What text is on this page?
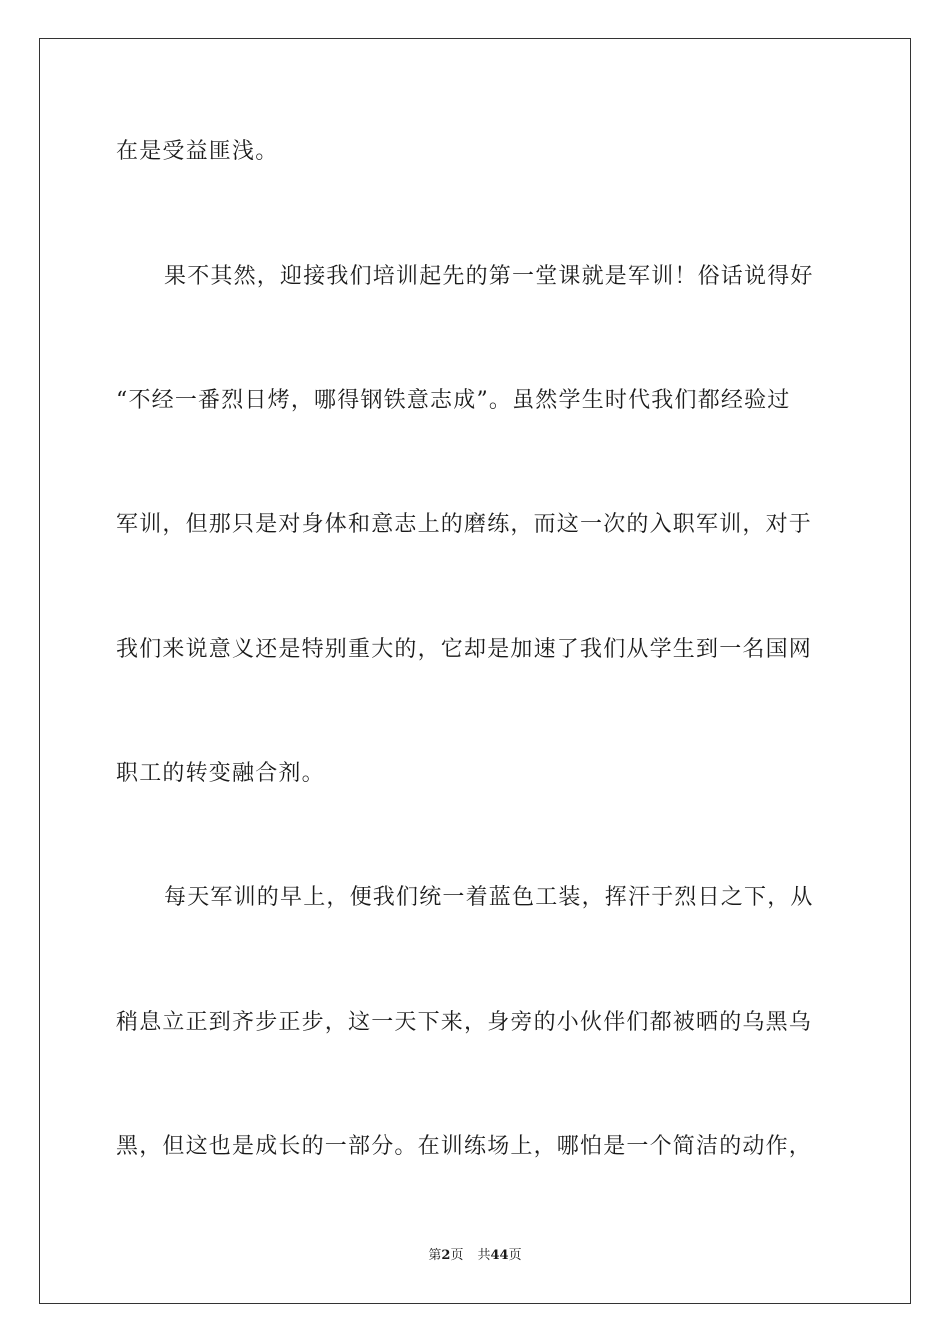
在是受益匪浅。
果不其然，迎接我们培训起先的第一堂课就是军训！俗话说得好
“不经一番烈日烤，哪得钢铁意志成”。虽然学生时代我们都经验过
军训，但那只是对身体和意志上的磨练，而这一次的入职军训，对于
我们来说意义还是特别重大的，它却是加速了我们从学生到一名国网
职工的转变融合剂。
每天军训的早上，便我们统一着蓝色工装，挥汗于烈日之下，从
稍息立正到齐步正步，这一天下来，身旁的小伙伴们都被晒的乌黑乌
黑，但这也是成长的一部分。在训练场上，哪怕是一个简洁的动作，
第2页 共44页
